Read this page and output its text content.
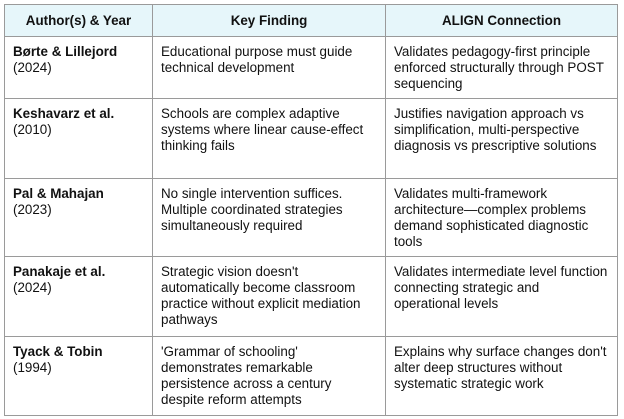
Author(s) & Year	Key Finding	ALIGN Connection

Børte & Lillejord
(2024)	Educational purpose must guide technical development	Validates pedagogy-first principle enforced structurally through POST sequencing

Keshavarz et al.
(2010)	Schools are complex adaptive systems where linear cause-effect thinking fails	Justifies navigation approach vs simplification, multi-perspective diagnosis vs prescriptive solutions

Pal & Mahajan
(2023)	No single intervention suffices. Multiple coordinated strategies simultaneously required	Validates multi-framework architecture—complex problems demand sophisticated diagnostic tools

Panakaje et al.
(2024)	Strategic vision doesn't automatically become classroom practice without explicit mediation pathways	Validates intermediate level function connecting strategic and operational levels

Tyack & Tobin
(1994)	'Grammar of schooling' demonstrates remarkable persistence across a century despite reform attempts	Explains why surface changes don't alter deep structures without systematic strategic work
